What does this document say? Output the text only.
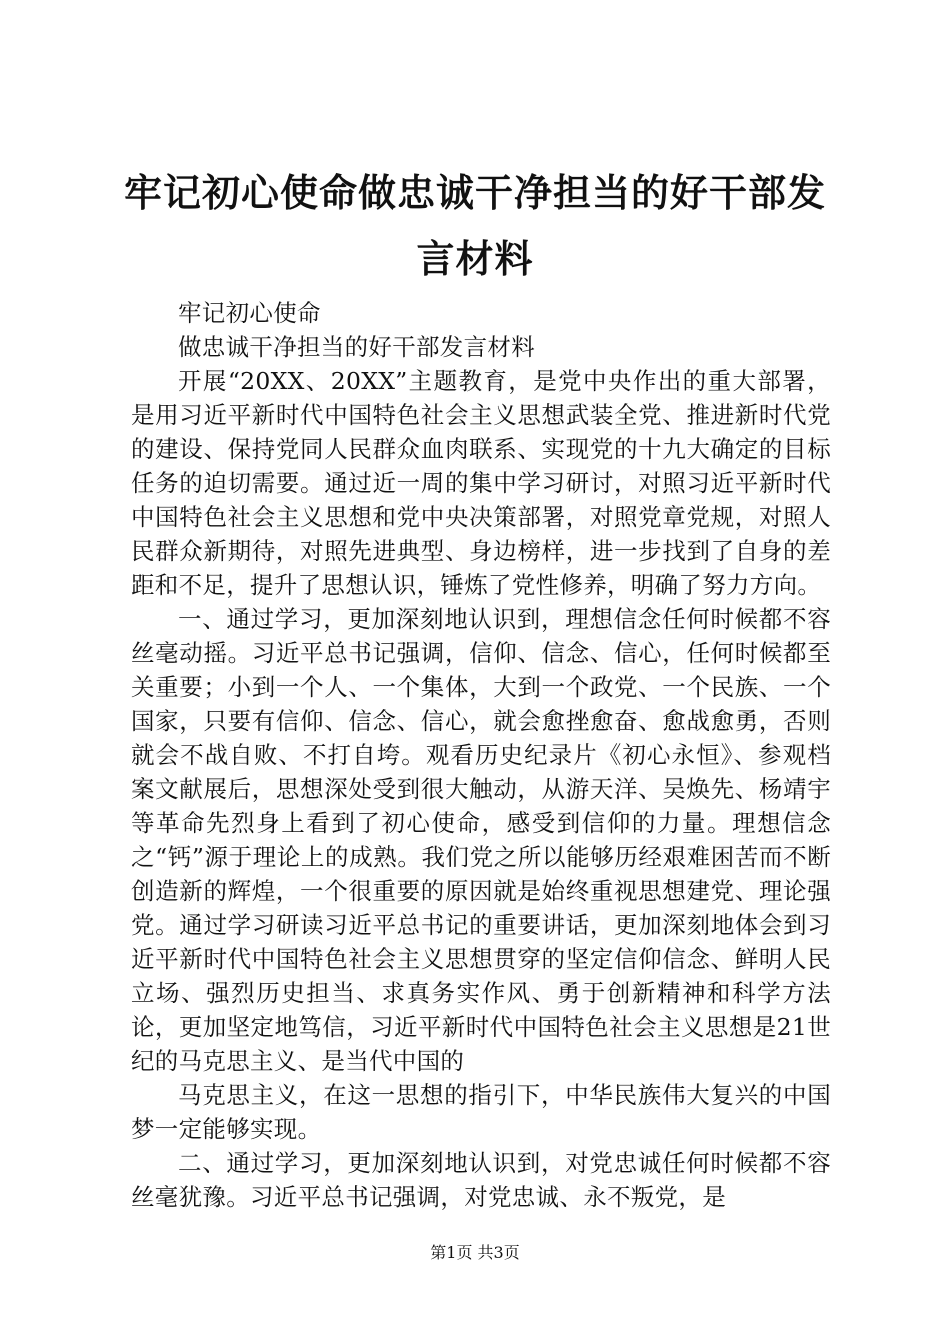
牢记初心使命做忠诚干净担当的好干部发言材料

牢记初心使命

做忠诚干净担当的好干部发言材料

开展“20XX、20XX”主题教育，是党中央作出的重大部署，是用习近平新时代中国特色社会主义思想武装全党、推进新时代党的建设、保持党同人民群众血肉联系、实现党的十九大确定的目标任务的迫切需要。通过近一周的集中学习研讨，对照习近平新时代中国特色社会主义思想和党中央决策部署，对照党章党规，对照人民群众新期待，对照先进典型、身边榜样，进一步找到了自身的差距和不足，提升了思想认识，锤炼了党性修养，明确了努力方向。

一、通过学习，更加深刻地认识到，理想信念任何时候都不容丝毫动摇。习近平总书记强调，信仰、信念、信心，任何时候都至关重要；小到一个人、一个集体，大到一个政党、一个民族、一个国家，只要有信仰、信念、信心，就会愈挫愈奋、愈战愈勇，否则就会不战自败、不打自垮。观看历史纪录片《初心永恒》、参观档案文献展后，思想深处受到很大触动，从游天洋、吴焕先、杨靖宇等革命先烈身上看到了初心使命，感受到信仰的力量。理想信念之“钙”源于理论上的成熟。我们党之所以能够历经艰难困苦而不断创造新的辉煌，一个很重要的原因就是始终重视思想建党、理论强党。通过学习研读习近平总书记的重要讲话，更加深刻地体会到习近平新时代中国特色社会主义思想贯穿的坚定信仰信念、鲜明人民立场、强烈历史担当、求真务实作风、勇于创新精神和科学方法论，更加坚定地笃信，习近平新时代中国特色社会主义思想是21世纪的马克思主义、是当代中国的

马克思主义，在这一思想的指引下，中华民族伟大复兴的中国梦一定能够实现。

二、通过学习，更加深刻地认识到，对党忠诚任何时候都不容丝毫犹豫。习近平总书记强调，对党忠诚、永不叛党，是

第1页 共3页
